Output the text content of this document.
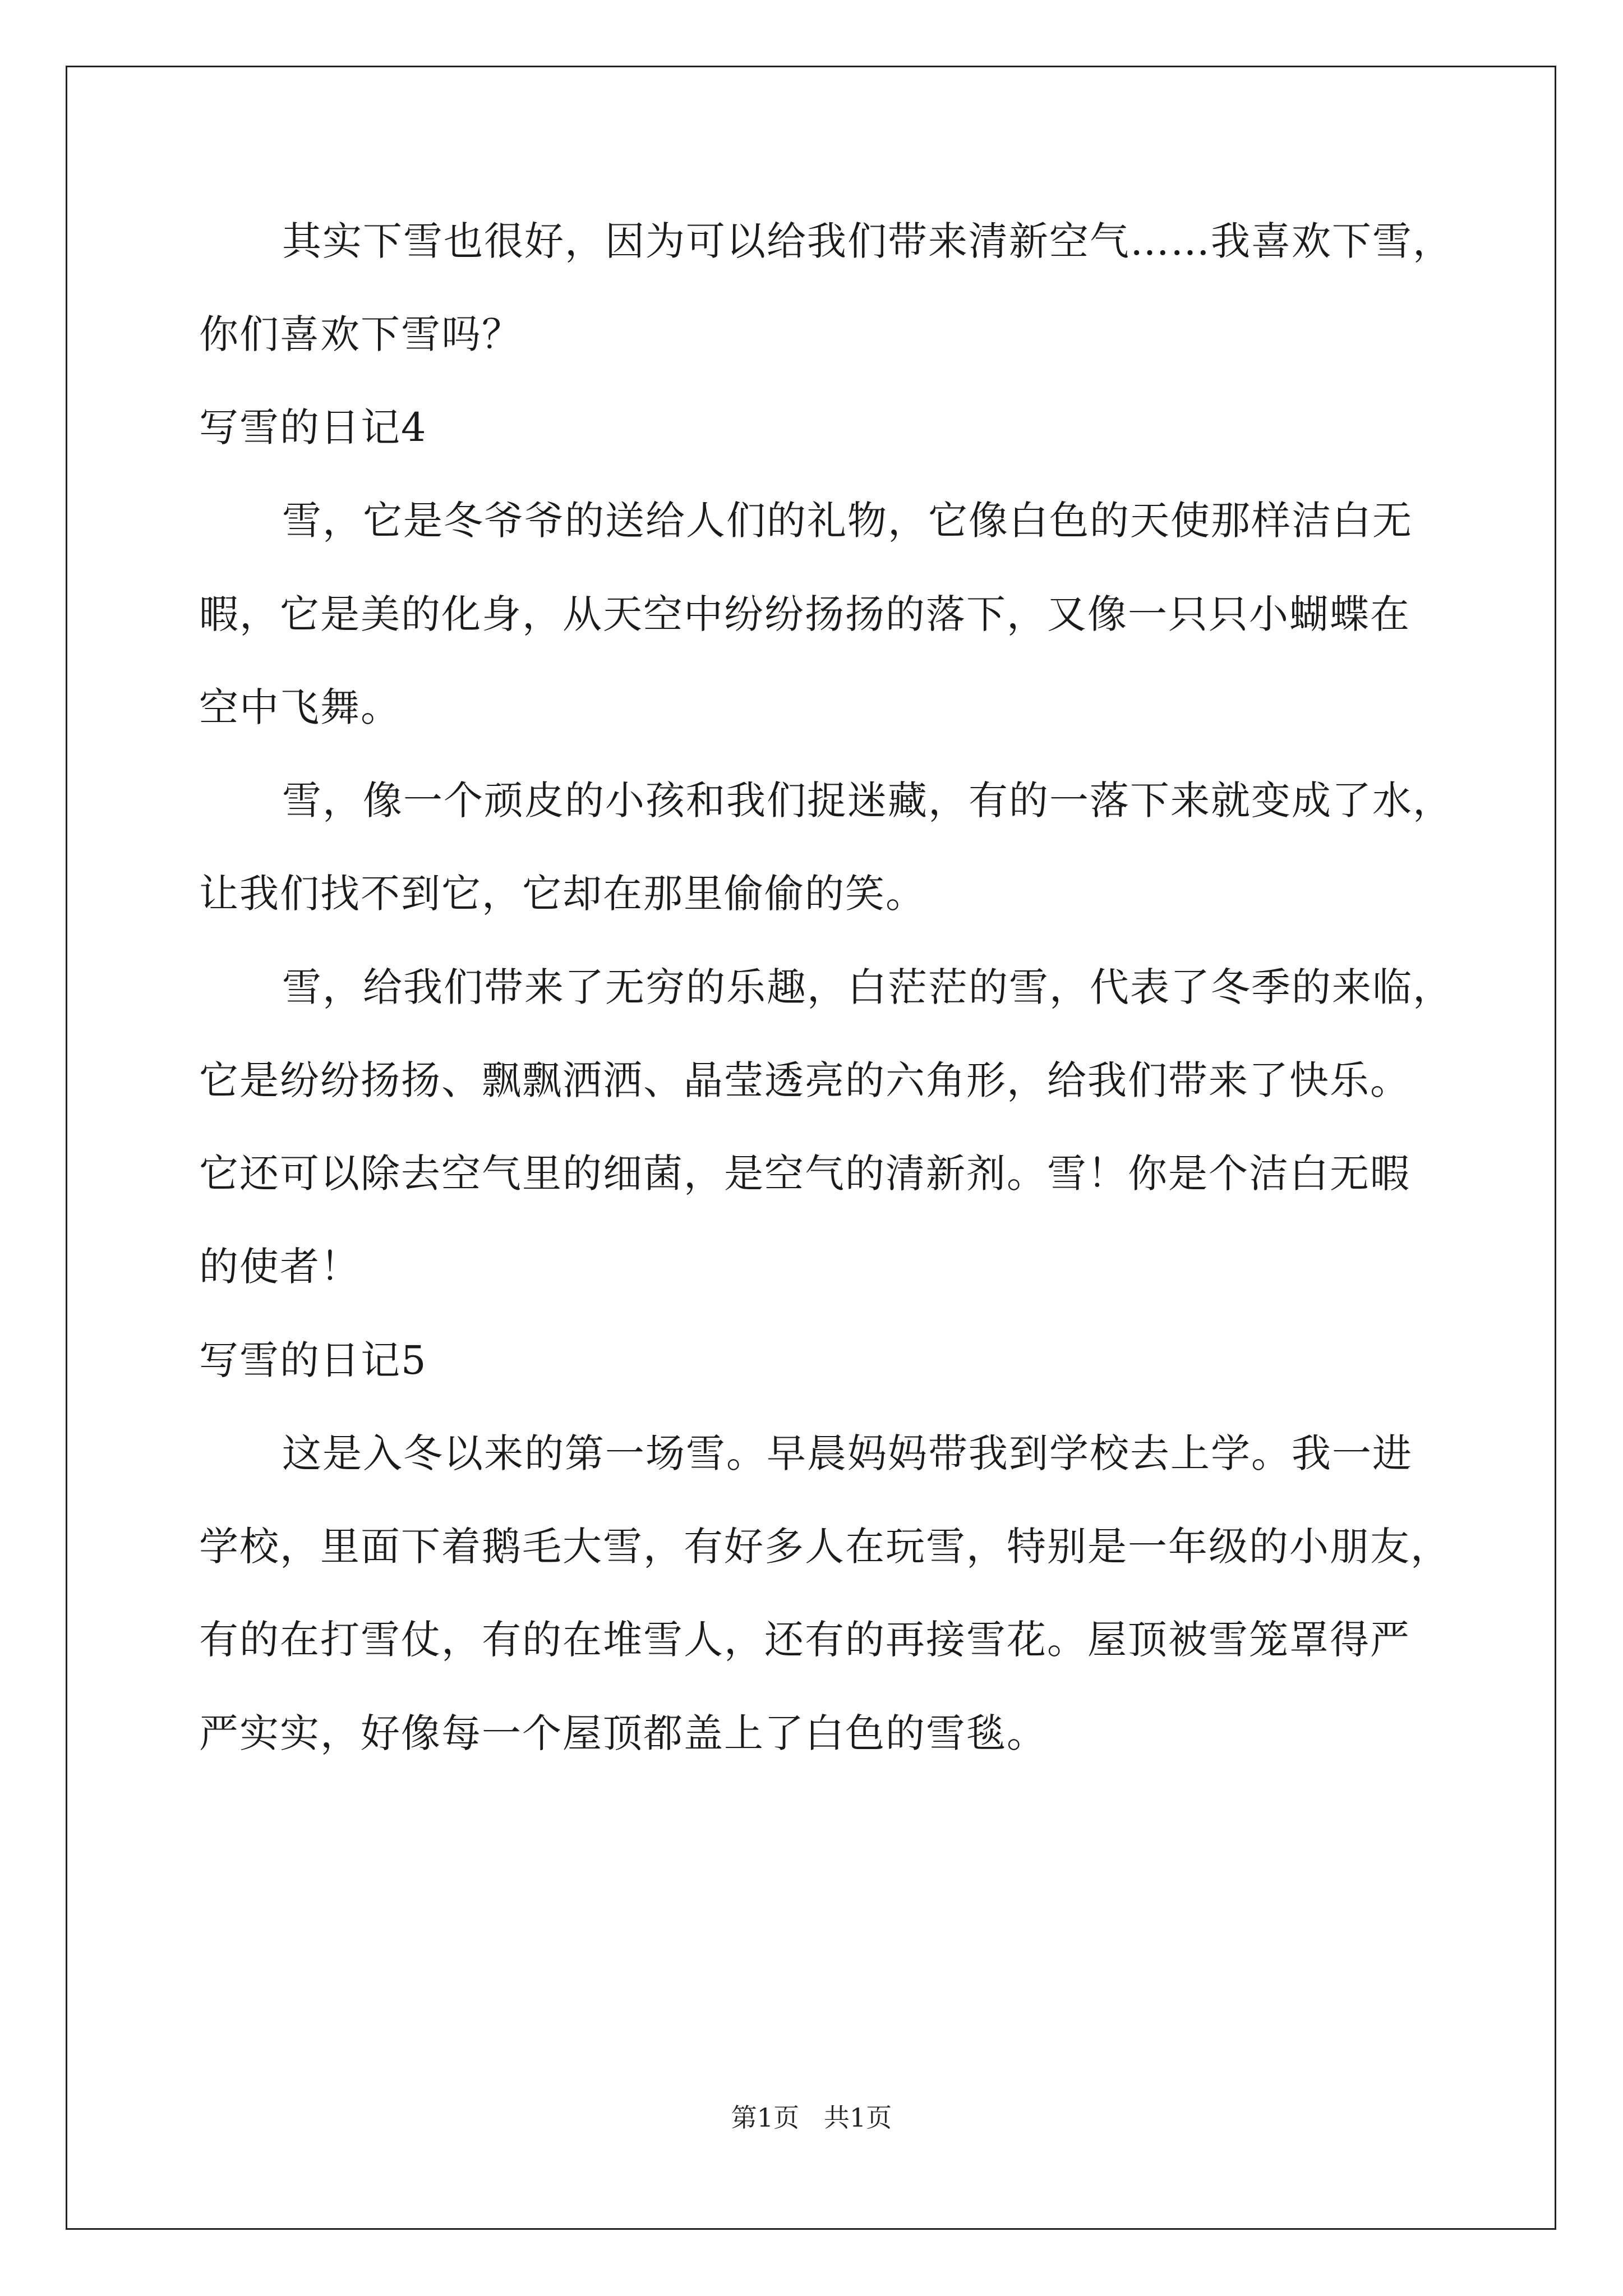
其实下雪也很好，因为可以给我们带来清新空气……我喜欢下雪，
你们喜欢下雪吗？
写雪的日记4
雪，它是冬爷爷的送给人们的礼物，它像白色的天使那样洁白无
暇，它是美的化身，从天空中纷纷扬扬的落下，又像一只只小蝴蝶在
空中飞舞。
雪，像一个顽皮的小孩和我们捉迷藏，有的一落下来就变成了水，
让我们找不到它，它却在那里偷偷的笑。
雪，给我们带来了无穷的乐趣，白茫茫的雪，代表了冬季的来临，
它是纷纷扬扬、飘飘洒洒、晶莹透亮的六角形，给我们带来了快乐。
它还可以除去空气里的细菌，是空气的清新剂。雪！你是个洁白无暇
的使者！
写雪的日记5
这是入冬以来的第一场雪。早晨妈妈带我到学校去上学。我一进
学校，里面下着鹅毛大雪，有好多人在玩雪，特别是一年级的小朋友，
有的在打雪仗，有的在堆雪人，还有的再接雪花。屋顶被雪笼罩得严
严实实，好像每一个屋顶都盖上了白色的雪毯。
第1页   共1页
